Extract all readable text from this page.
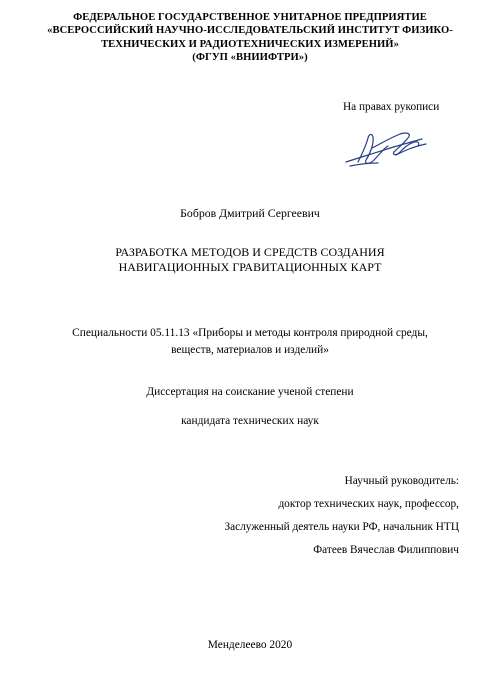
ФЕДЕРАЛЬНОЕ ГОСУДАРСТВЕННОЕ УНИТАРНОЕ ПРЕДПРИЯТИЕ
«ВСЕРОССИЙСКИЙ НАУЧНО-ИССЛЕДОВАТЕЛЬСКИЙ ИНСТИТУТ ФИЗИКО-
ТЕХНИЧЕСКИХ И РАДИОТЕХНИЧЕСКИХ ИЗМЕРЕНИЙ»
(ФГУП «ВНИИФТРИ»)
На правах рукописи
Бобров Дмитрий Сергеевич
РАЗРАБОТКА МЕТОДОВ И СРЕДСТВ СОЗДАНИЯ
НАВИГАЦИОННЫХ ГРАВИТАЦИОННЫХ КАРТ
Специальности 05.11.13 «Приборы и методы контроля природной среды,
веществ, материалов и изделий»
Диссертация на соискание ученой степени
кандидата технических наук
Научный руководитель:
доктор технических наук, профессор,
Заслуженный деятель науки РФ, начальник НТЦ
Фатеев Вячеслав Филиппович
Менделеево 2020
